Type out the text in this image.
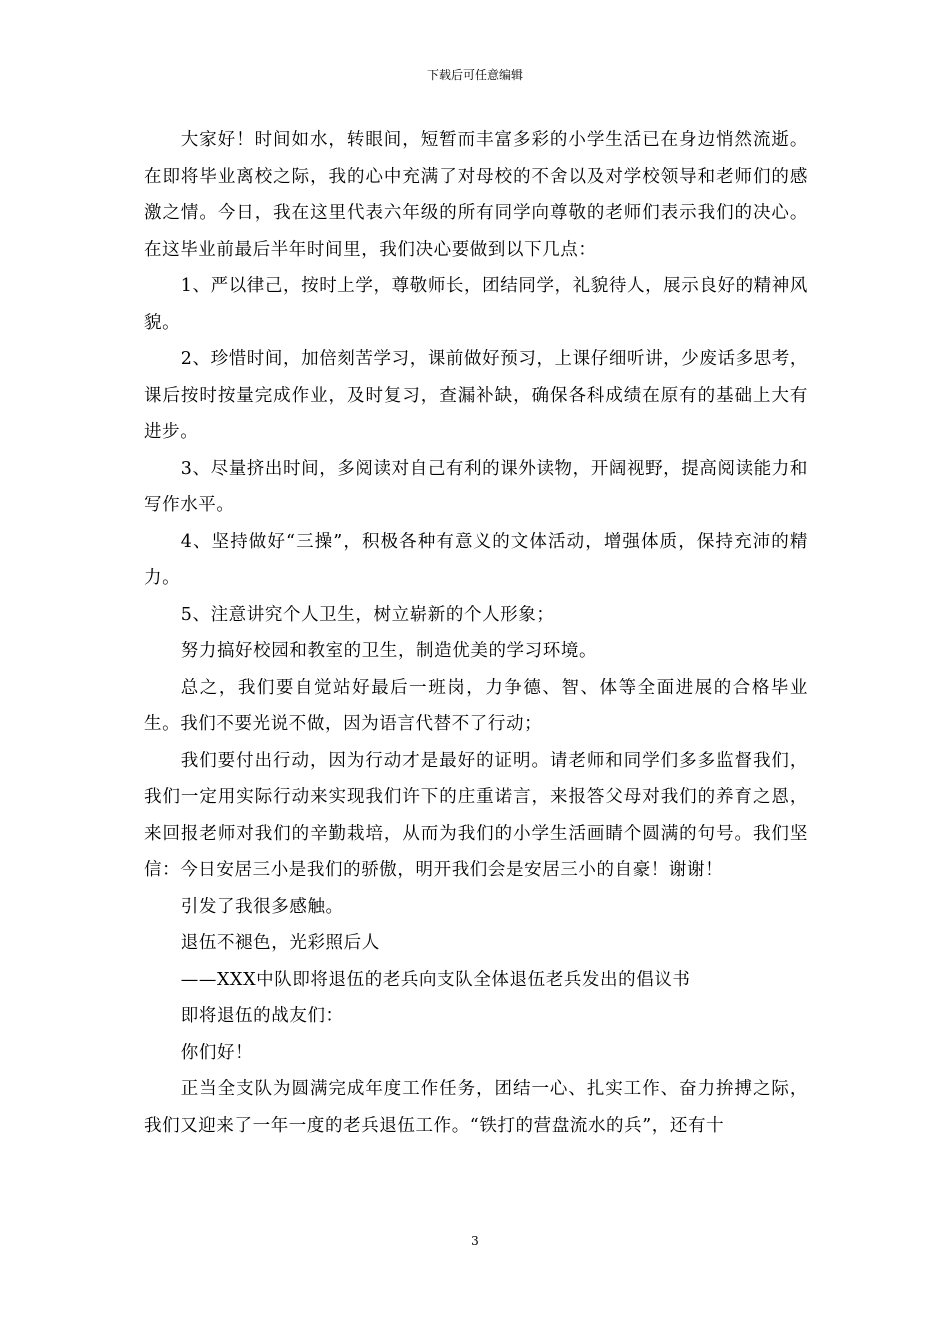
下载后可任意编辑

大家好！时间如水，转眼间，短暂而丰富多彩的小学生活已在身边悄然流逝。在即将毕业离校之际，我的心中充满了对母校的不舍以及对学校领导和老师们的感激之情。今日，我在这里代表六年级的所有同学向尊敬的老师们表示我们的决心。在这毕业前最后半年时间里，我们决心要做到以下几点：

1、严以律己，按时上学，尊敬师长，团结同学，礼貌待人，展示良好的精神风貌。

2、珍惜时间，加倍刻苦学习，课前做好预习，上课仔细听讲，少废话多思考，课后按时按量完成作业，及时复习，查漏补缺，确保各科成绩在原有的基础上大有进步。

3、尽量挤出时间，多阅读对自己有利的课外读物，开阔视野，提高阅读能力和写作水平。

4、坚持做好“三操”，积极各种有意义的文体活动，增强体质，保持充沛的精力。

5、注意讲究个人卫生，树立崭新的个人形象；

努力搞好校园和教室的卫生，制造优美的学习环境。

总之，我们要自觉站好最后一班岗，力争德、智、体等全面进展的合格毕业生。我们不要光说不做，因为语言代替不了行动；

我们要付出行动，因为行动才是最好的证明。请老师和同学们多多监督我们，我们一定用实际行动来实现我们许下的庄重诺言，来报答父母对我们的养育之恩，来回报老师对我们的辛勤栽培，从而为我们的小学生活画睛个圆满的句号。我们坚信：今日安居三小是我们的骄傲，明开我们会是安居三小的自豪！谢谢！

引发了我很多感触。

退伍不褪色，光彩照后人

——XXX中队即将退伍的老兵向支队全体退伍老兵发出的倡议书

即将退伍的战友们：

你们好！

正当全支队为圆满完成年度工作任务，团结一心、扎实工作、奋力拚搏之际，我们又迎来了一年一度的老兵退伍工作。“铁打的营盘流水的兵”，还有十

3
